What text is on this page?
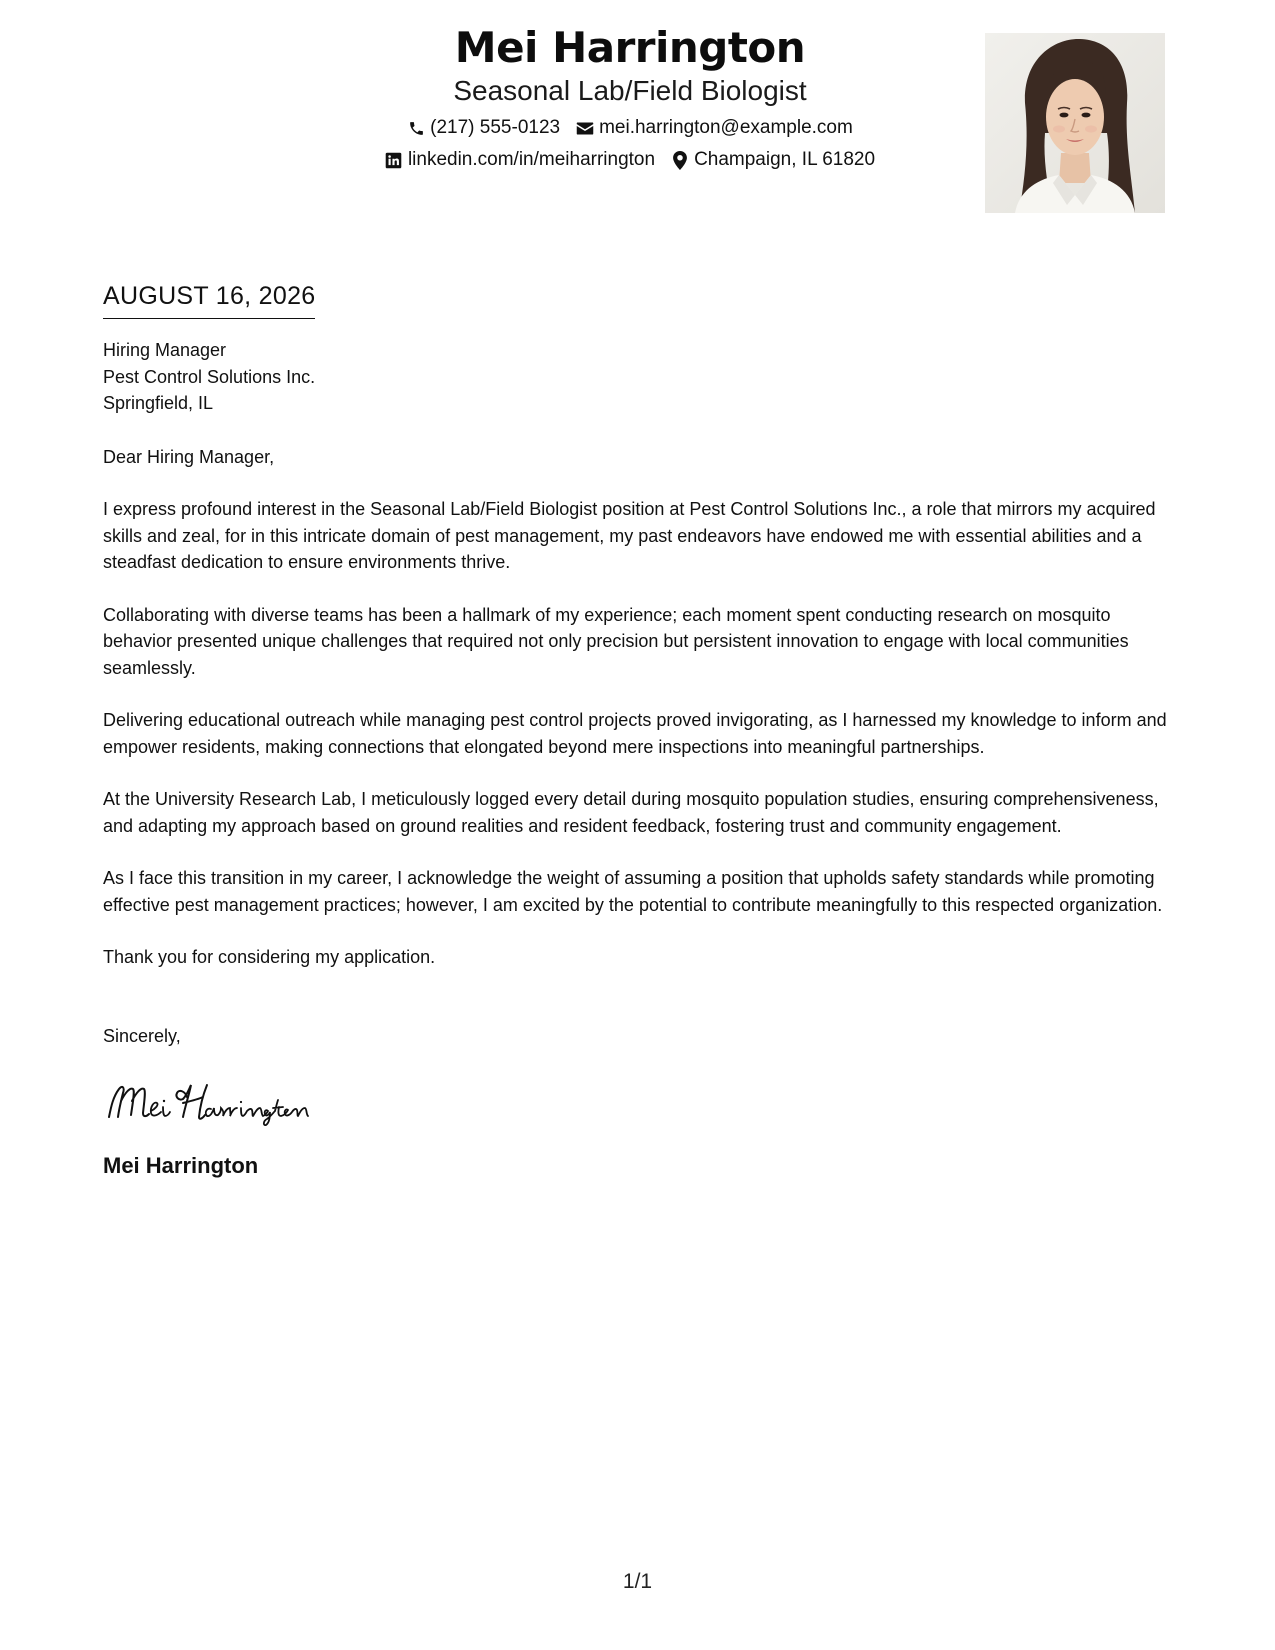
Mei Harrington
Seasonal Lab/Field Biologist
(217) 555-0123 mei.harrington@example.com
linkedin.com/in/meiharrington Champaign, IL 61820
AUGUST 16, 2026
Hiring Manager
Pest Control Solutions Inc.
Springfield, IL
Dear Hiring Manager,
I express profound interest in the Seasonal Lab/Field Biologist position at Pest Control Solutions Inc., a role that mirrors my acquired skills and zeal, for in this intricate domain of pest management, my past endeavors have endowed me with essential abilities and a steadfast dedication to ensure environments thrive.
Collaborating with diverse teams has been a hallmark of my experience; each moment spent conducting research on mosquito behavior presented unique challenges that required not only precision but persistent innovation to engage with local communities seamlessly.
Delivering educational outreach while managing pest control projects proved invigorating, as I harnessed my knowledge to inform and empower residents, making connections that elongated beyond mere inspections into meaningful partnerships.
At the University Research Lab, I meticulously logged every detail during mosquito population studies, ensuring comprehensiveness, and adapting my approach based on ground realities and resident feedback, fostering trust and community engagement.
As I face this transition in my career, I acknowledge the weight of assuming a position that upholds safety standards while promoting effective pest management practices; however, I am excited by the potential to contribute meaningfully to this respected organization.
Thank you for considering my application.
Sincerely,
Mei Harrington
1/1
